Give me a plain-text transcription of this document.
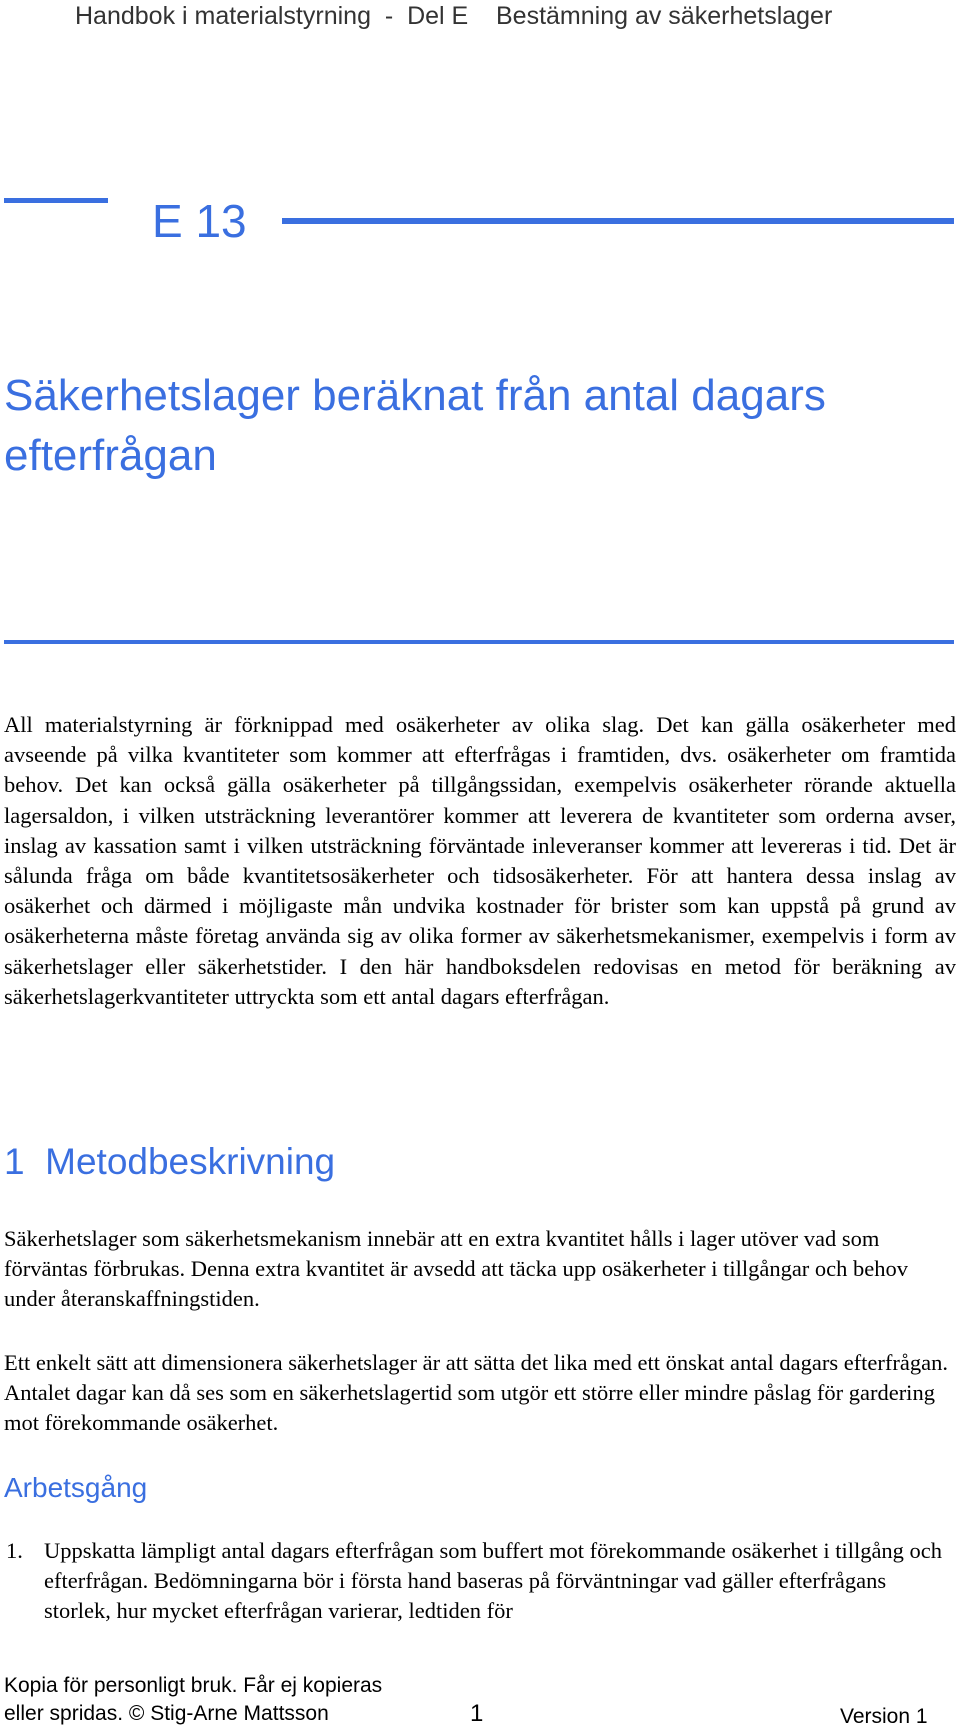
Handbok i materialstyrning  -  Del E    Bestämning av säkerhetslager
E 13
Säkerhetslager beräknat från antal dagars efterfrågan

All materialstyrning är förknippad med osäkerheter av olika slag. Det kan gälla osäkerheter med avseende på vilka kvantiteter som kommer att efterfrågas i framtiden, dvs. osäkerheter om framtida behov. Det kan också gälla osäkerheter på tillgångssidan, exempelvis osäkerheter rörande aktuella lagersaldon, i vilken utsträckning leverantörer kommer att leverera de kvantiteter som orderna avser, inslag av kassation samt i vilken utsträckning förväntade inleveranser kommer att levereras i tid. Det är sålunda fråga om både kvantitetsosäkerheter och tidsosäkerheter. För att hantera dessa inslag av osäkerhet och därmed i möjligaste mån undvika kostnader för brister som kan uppstå på grund av osäkerheterna måste företag använda sig av olika former av säkerhetsmekanismer, exempelvis i form av säkerhetslager eller säkerhetstider. I den här handboksdelen redovisas en metod för beräkning av säkerhetslagerkvantiteter uttryckta som ett antal dagars efterfrågan.

1  Metodbeskrivning

Säkerhetslager som säkerhetsmekanism innebär att en extra kvantitet hålls i lager utöver vad som förväntas förbrukas. Denna extra kvantitet är avsedd att täcka upp osäkerheter i tillgångar och behov under återanskaffningstiden.

Ett enkelt sätt att dimensionera säkerhetslager är att sätta det lika med ett önskat antal dagars efterfrågan. Antalet dagar kan då ses som en säkerhetslagertid som utgör ett större eller mindre påslag för gardering mot förekommande osäkerhet.

Arbetsgång
1. Uppskatta lämpligt antal dagars efterfrågan som buffert mot förekommande osäkerhet i tillgång och efterfrågan. Bedömningarna bör i första hand baseras på förväntningar vad gäller efterfrågans storlek, hur mycket efterfrågan varierar, ledtiden för

Kopia för personligt bruk. Får ej kopieras
eller spridas. © Stig-Arne Mattsson	1	Version 1
